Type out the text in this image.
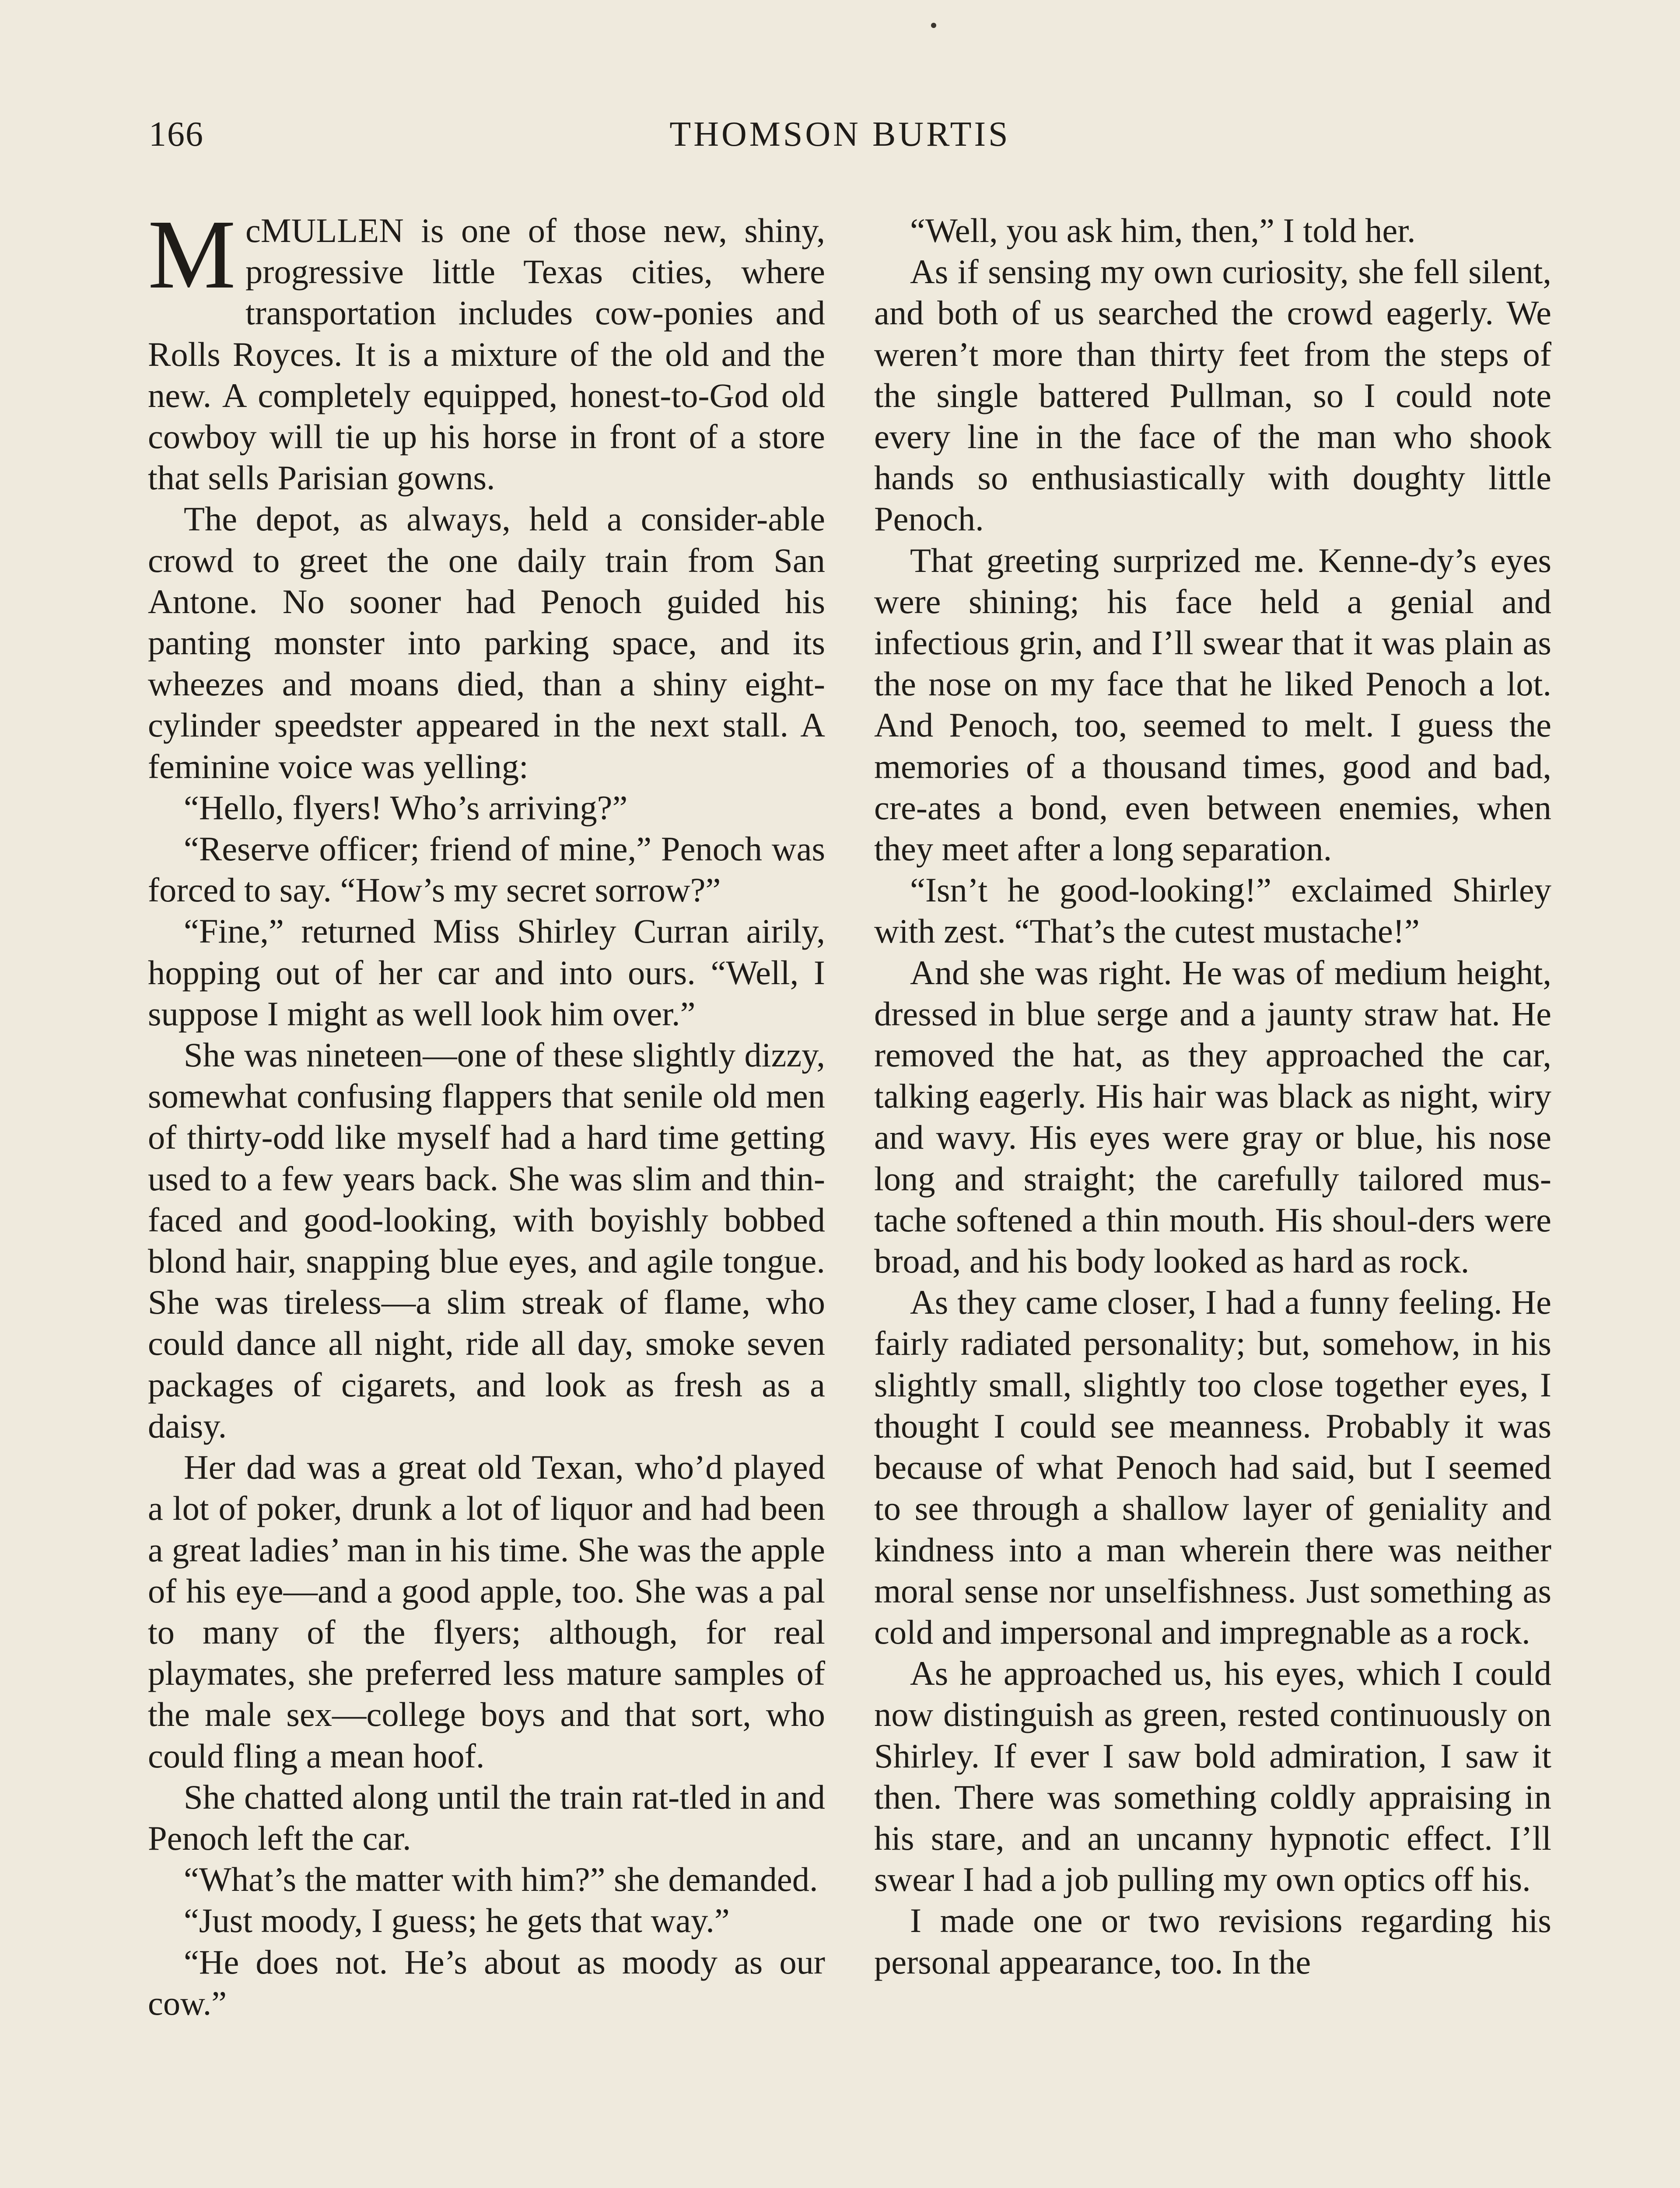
166	THOMSON BURTIS

McMULLEN is one of those new, shiny, progressive little Texas cities, where transportation includes cow-ponies and Rolls Royces. It is a mixture of the old and the new. A completely equipped, honest-to-God old cowboy will tie up his horse in front of a store that sells Parisian gowns.

The depot, as always, held a consider-able crowd to greet the one daily train from San Antone. No sooner had Penoch guided his panting monster into parking space, and its wheezes and moans died, than a shiny eight-cylinder speedster appeared in the next stall. A feminine voice was yelling:

“Hello, flyers! Who’s arriving?”

“Reserve officer; friend of mine,” Penoch was forced to say. “How’s my secret sorrow?”

“Fine,” returned Miss Shirley Curran airily, hopping out of her car and into ours. “Well, I suppose I might as well look him over.”

She was nineteen—one of these slightly dizzy, somewhat confusing flappers that senile old men of thirty-odd like myself had a hard time getting used to a few years back. She was slim and thin-faced and good-looking, with boyishly bobbed blond hair, snapping blue eyes, and agile tongue. She was tireless—a slim streak of flame, who could dance all night, ride all day, smoke seven packages of cigarets, and look as fresh as a daisy.

Her dad was a great old Texan, who’d played a lot of poker, drunk a lot of liquor and had been a great ladies’ man in his time. She was the apple of his eye—and a good apple, too. She was a pal to many of the flyers; although, for real playmates, she preferred less mature samples of the male sex—college boys and that sort, who could fling a mean hoof.

She chatted along until the train rat-tled in and Penoch left the car.

“What’s the matter with him?” she demanded.

“Just moody, I guess; he gets that way.”

“He does not. He’s about as moody as our cow.”

“Well, you ask him, then,” I told her.

As if sensing my own curiosity, she fell silent, and both of us searched the crowd eagerly. We weren’t more than thirty feet from the steps of the single battered Pullman, so I could note every line in the face of the man who shook hands so enthusiastically with doughty little Penoch.

That greeting surprized me. Kenne-dy’s eyes were shining; his face held a genial and infectious grin, and I’ll swear that it was plain as the nose on my face that he liked Penoch a lot. And Penoch, too, seemed to melt. I guess the memories of a thousand times, good and bad, cre-ates a bond, even between enemies, when they meet after a long separation.

“Isn’t he good-looking!” exclaimed Shirley with zest. “That’s the cutest mustache!”

And she was right. He was of medium height, dressed in blue serge and a jaunty straw hat. He removed the hat, as they approached the car, talking eagerly. His hair was black as night, wiry and wavy. His eyes were gray or blue, his nose long and straight; the carefully tailored mus-tache softened a thin mouth. His shoul-ders were broad, and his body looked as hard as rock.

As they came closer, I had a funny feeling. He fairly radiated personality; but, somehow, in his slightly small, slightly too close together eyes, I thought I could see meanness. Probably it was because of what Penoch had said, but I seemed to see through a shallow layer of geniality and kindness into a man wherein there was neither moral sense nor unselfishness. Just something as cold and impersonal and impregnable as a rock.

As he approached us, his eyes, which I could now distinguish as green, rested continuously on Shirley. If ever I saw bold admiration, I saw it then. There was something coldly appraising in his stare, and an uncanny hypnotic effect. I’ll swear I had a job pulling my own optics off his.

I made one or two revisions regarding his personal appearance, too. In the
